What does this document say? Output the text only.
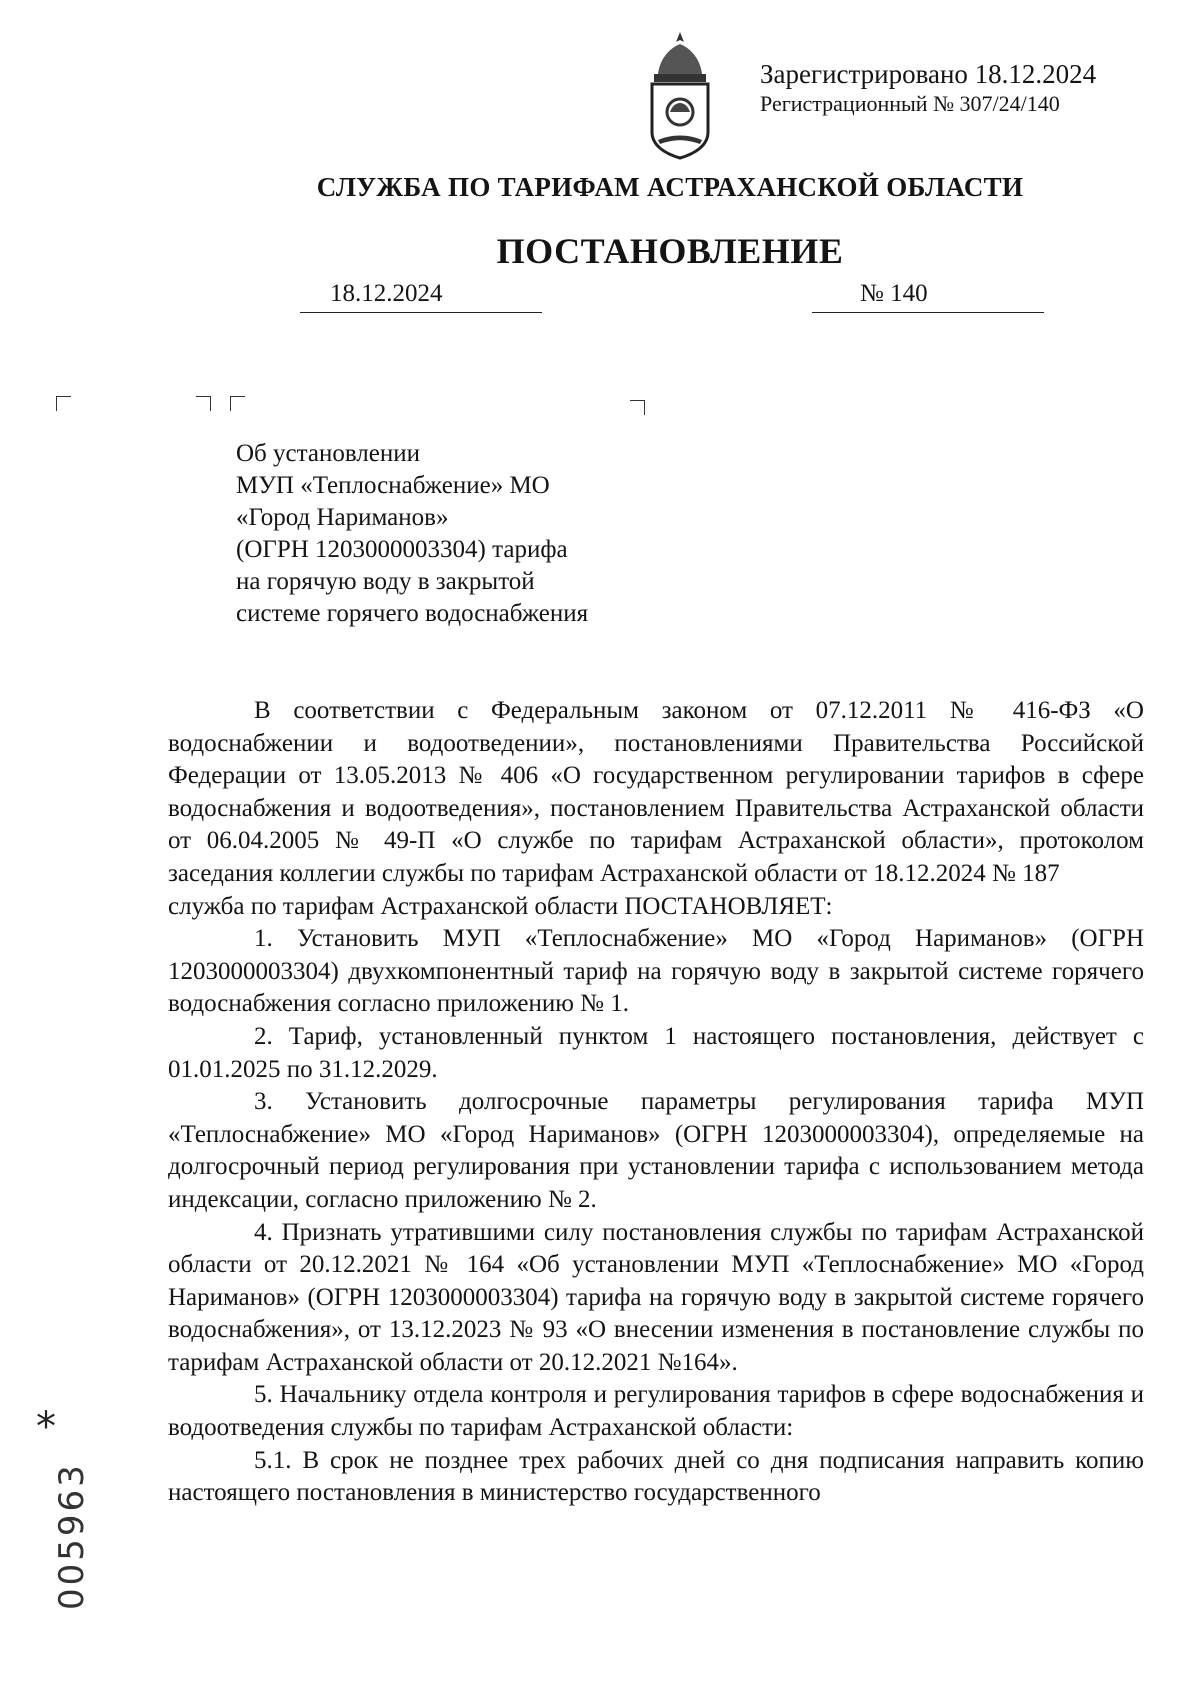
Зарегистрировано 18.12.2024
Регистрационный № 307/24/140
СЛУЖБА ПО ТАРИФАМ АСТРАХАНСКОЙ ОБЛАСТИ
ПОСТАНОВЛЕНИЕ
18.12.2024	№ 140
Об установлении
МУП «Теплоснабжение» МО
«Город Нариманов»
(ОГРН 1203000003304) тарифа
на горячую воду в закрытой
системе горячего водоснабжения

В соответствии с Федеральным законом от 07.12.2011 № 416-ФЗ «О водоснабжении и водоотведении», постановлениями Правительства Российской Федерации от 13.05.2013 № 406 «О государственном регулировании тарифов в сфере водоснабжения и водоотведения», постановлением Правительства Астраханской области от 06.04.2005 № 49-П «О службе по тарифам Астраханской области», протоколом заседания коллегии службы по тарифам Астраханской области от 18.12.2024 № 187

служба по тарифам Астраханской области ПОСТАНОВЛЯЕТ:

1. Установить МУП «Теплоснабжение» МО «Город Нариманов» (ОГРН 1203000003304) двухкомпонентный тариф на горячую воду в закрытой системе горячего водоснабжения согласно приложению № 1.

2. Тариф, установленный пунктом 1 настоящего постановления, действует с 01.01.2025 по 31.12.2029.

3. Установить долгосрочные параметры регулирования тарифа МУП «Теплоснабжение» МО «Город Нариманов» (ОГРН 1203000003304), определяемые на долгосрочный период регулирования при установлении тарифа с использованием метода индексации, согласно приложению № 2.

4. Признать утратившими силу постановления службы по тарифам Астраханской области от 20.12.2021 № 164 «Об установлении МУП «Теплоснабжение» МО «Город Нариманов» (ОГРН 1203000003304) тарифа на горячую воду в закрытой системе горячего водоснабжения», от 13.12.2023 № 93 «О внесении изменения в постановление службы по тарифам Астраханской области от 20.12.2021 №164».

5. Начальнику отдела контроля и регулирования тарифов в сфере водоснабжения и водоотведения службы по тарифам Астраханской области:

5.1. В срок не позднее трех рабочих дней со дня подписания направить копию настоящего постановления в министерство государственного

*
005963
